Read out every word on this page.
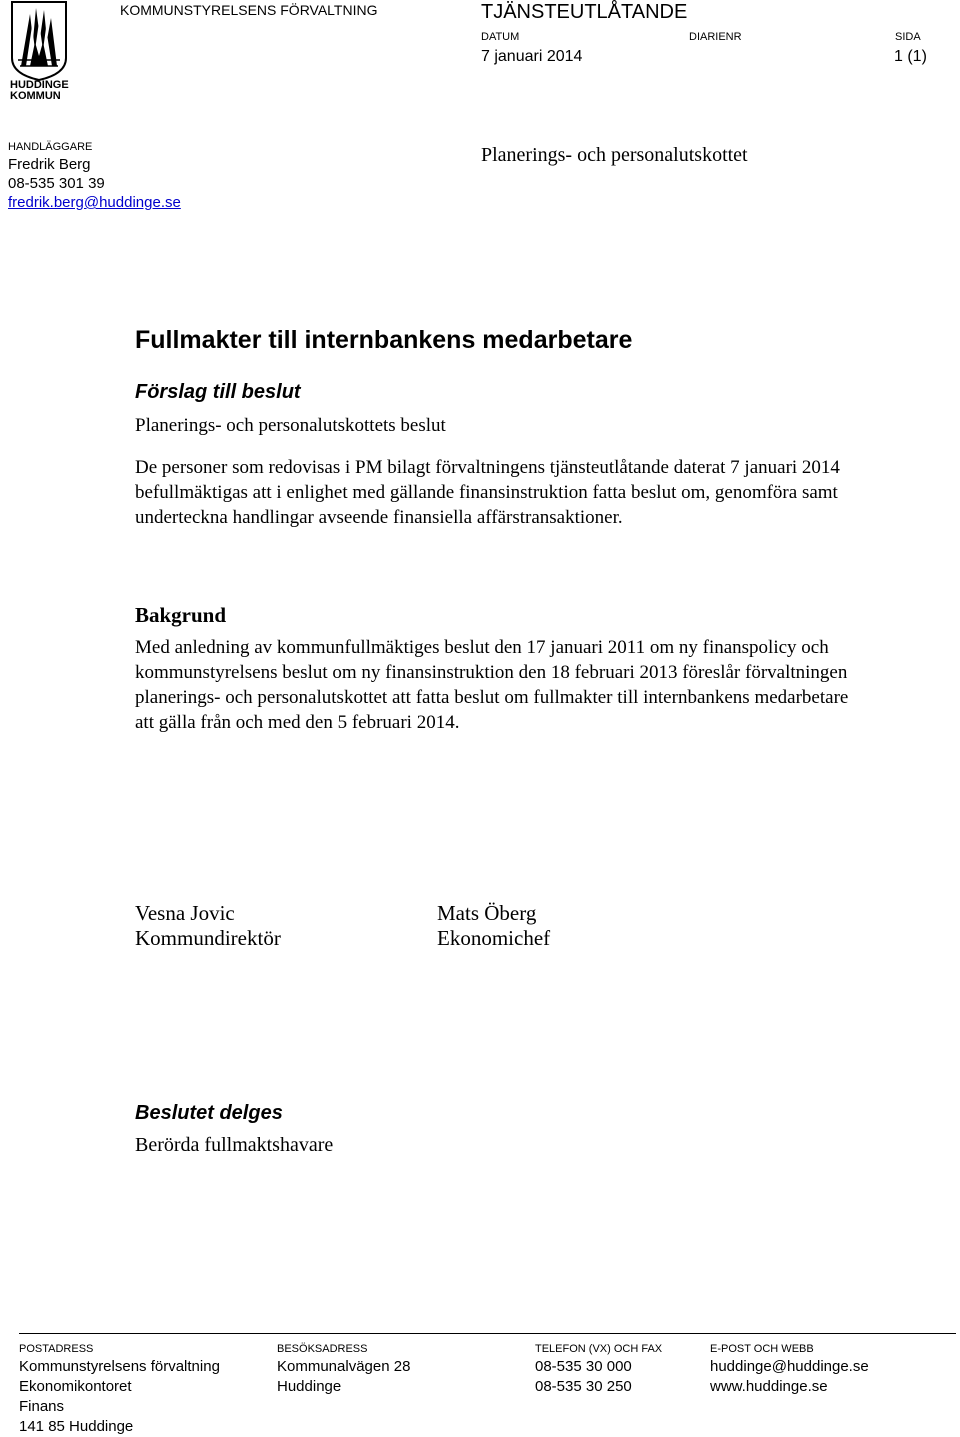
HUDDINGE
KOMMUN
KOMMUNSTYRELSENS FÖRVALTNING	TJÄNSTEUTLÅTANDE
DATUM
7 januari 2014
DIARIENR	SIDA
1 (1)
HANDLÄGGARE
Fredrik Berg
08-535 301 39
fredrik.berg@huddinge.se
Planerings- och personalutskottet
Fullmakter till internbankens medarbetare
Förslag till beslut
Planerings- och personalutskottets beslut
De personer som redovisas i PM bilagt förvaltningens tjänsteutlåtande daterat 7 januari 2014 befullmäktigas att i enlighet med gällande finansinstruktion fatta beslut om, genomföra samt underteckna handlingar avseende finansiella affärstransaktioner.
Bakgrund
Med anledning av kommunfullmäktiges beslut den 17 januari 2011 om ny finanspolicy och kommunstyrelsens beslut om ny finansinstruktion den 18 februari 2013 föreslår förvaltningen planerings- och personalutskottet att fatta beslut om fullmakter till internbankens medarbetare att gälla från och med den 5 februari 2014.
Vesna Jovic
Kommundirektör
Mats Öberg
Ekonomichef
Beslutet delges
Berörda fullmaktshavare
POSTADRESS
Kommunstyrelsens förvaltning
Ekonomikontoret
Finans
141 85 Huddinge
BESÖKSADRESS
Kommunalvägen 28
Huddinge
TELEFON (VX) OCH FAX
08-535 30 000
08-535 30 250
E-POST OCH WEBB
huddinge@huddinge.se
www.huddinge.se
